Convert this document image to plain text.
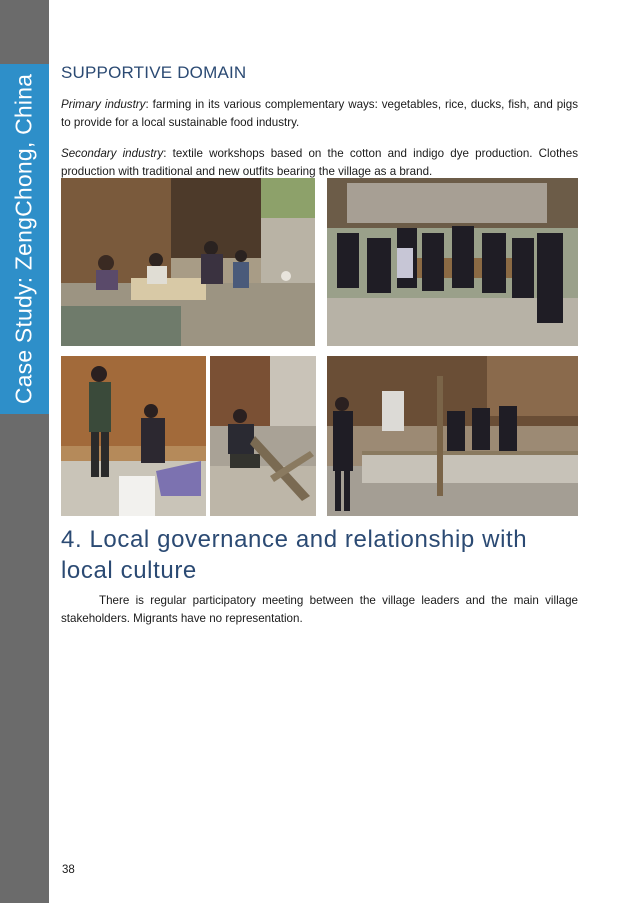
Case Study: ZengChong, China
SUPPORTIVE DOMAIN
Primary industry: farming in its various complementary ways: vegetables, rice, ducks, fish, and pigs to provide for a local sustainable food industry.
Secondary industry: textile workshops based on the cotton and indigo dye production. Clothes production with traditional and new outfits bearing the village as a brand.
4. Local governance and relationship with local culture
There is regular participatory meeting between the village leaders and the main village stakeholders. Migrants have no representation.
38
